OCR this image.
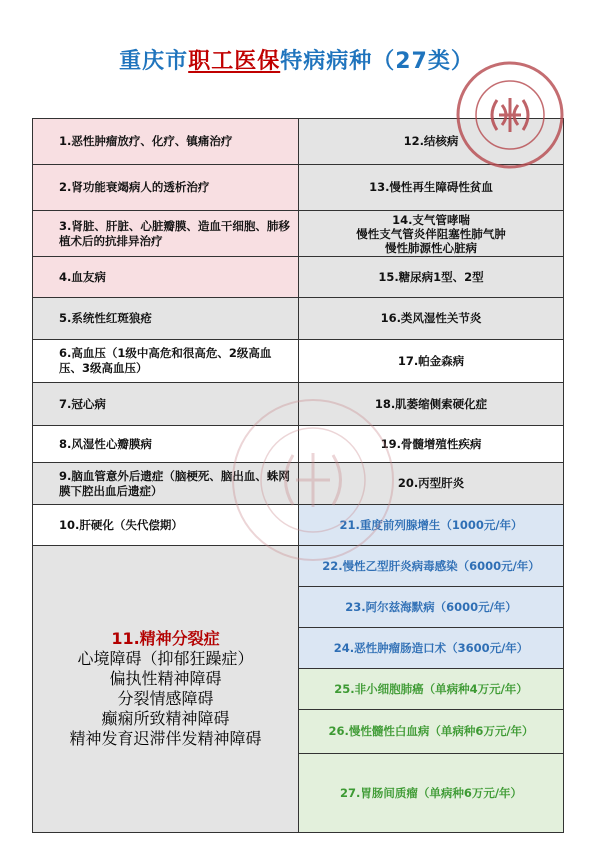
重庆市职工医保特病病种（27类）
1.恶性肿瘤放疗、化疗、镇痛治疗
2.肾功能衰竭病人的透析治疗
3.肾脏、肝脏、心脏瓣膜、造血干细胞、肺移植术后的抗排异治疗
4.血友病
5.系统性红斑狼疮
6.高血压（1级中高危和很高危、2级高血压、3级高血压）
7.冠心病
8.风湿性心瓣膜病
9.脑血管意外后遗症（脑梗死、脑出血、蛛网膜下腔出血后遗症）
10.肝硬化（失代偿期）
11.精神分裂症
心境障碍（抑郁狂躁症）
偏执性精神障碍
分裂情感障碍
癫痫所致精神障碍
精神发育迟滞伴发精神障碍
12.结核病
13.慢性再生障碍性贫血
14.支气管哮喘
慢性支气管炎伴阻塞性肺气肿
慢性肺源性心脏病
15.糖尿病1型、2型
16.类风湿性关节炎
17.帕金森病
18.肌萎缩侧索硬化症
19.骨髓增殖性疾病
20.丙型肝炎
21.重度前列腺增生（1000元/年）
22.慢性乙型肝炎病毒感染（6000元/年）
23.阿尔兹海默病（6000元/年）
24.恶性肿瘤肠造口术（3600元/年）
25.非小细胞肺癌（单病种4万元/年）
26.慢性髓性白血病（单病种6万元/年）
27.胃肠间质瘤（单病种6万元/年）
